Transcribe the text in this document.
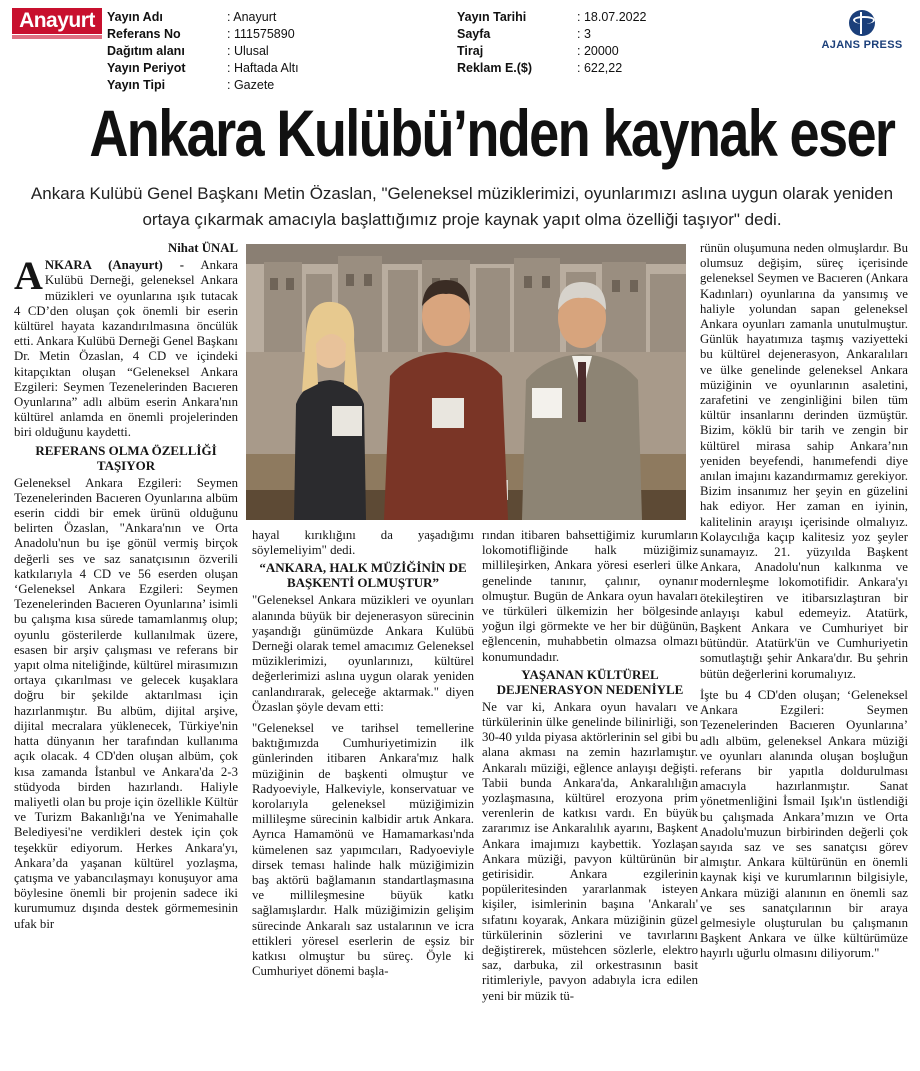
Anayurt Yayın Adı	: Anayurt
Referans No	: 111575890
Dağıtım alanı	: Ulusal
Yayın Periyot	: Haftada Altı
Yayın Tipi	: Gazete
Yayın Tarihi	: 18.07.2022
Sayfa	: 3
Tiraj	: 20000
Reklam E.($)	: 622,22
AJANS PRESS
Ankara Kulübü’nden kaynak eser
Ankara Kulübü Genel Başkanı Metin Özaslan, "Geleneksel müziklerimizi, oyunlarımızı aslına uygun olarak yeniden ortaya çıkarmak amacıyla başlattığımız proje kaynak yapıt olma özelliği taşıyor" dedi.
Nihat ÜNAL

ANKARA (Anayurt) - Ankara Kulübü Derneği, geleneksel Ankara müzikleri ve oyunlarına ışık tutacak 4 CD’den oluşan çok önemli bir eserin kültürel hayata kazandırılmasına öncülük etti. Ankara Kulübü Derneği Genel Başkanı Dr. Metin Özaslan, 4 CD ve içindeki kitapçıktan oluşan “Geleneksel Ankara Ezgileri: Seymen Tezenelerinden Bacıeren Oyunlarına” adlı albüm eserin Ankara'nın kültürel anlamda en önemli projelerinden biri olduğunu kaydetti.

REFERANS OLMA ÖZELLİĞİ TAŞIYOR

Geleneksel Ankara Ezgileri: Seymen Tezenelerinden Bacıeren Oyunlarına albüm eserin ciddi bir emek ürünü olduğunu belirten Özaslan, "Ankara'nın ve Orta Anadolu'nun bu işe gönül vermiş birçok değerli ses ve saz sanatçısının özverili katkılarıyla 4 CD ve 56 eserden oluşan ‘Geleneksel Ankara Ezgileri: Seymen Tezenelerinden Bacıeren Oyunlarına’ isimli bu çalışma kısa sürede tamamlanmış olup; oyunlu gösterilerde kullanılmak üzere, esasen bir arşiv çalışması ve referans bir yapıt olma niteliğinde, kültürel mirasımızın ortaya çıkarılması ve gelecek kuşaklara doğru bir şekilde aktarılması için hazırlanmıştır. Bu albüm, dijital arşive, dijital mecralara yüklenecek, Türkiye'nin hatta dünyanın her tarafından kullanıma açık olacak. 4 CD'den oluşan albüm, çok kısa zamanda İstanbul ve Ankara'da 2-3 stüdyoda birden hazırlandı. Haliyle maliyetli olan bu proje için özellikle Kültür ve Turizm Bakanlığı'na ve Yenimahalle Belediyesi'ne verdikleri destek için çok teşekkür ediyorum. Herkes Ankara'yı, Ankara’da yaşanan kültürel yozlaşma, çatışma ve yabancılaşmayı konuşuyor ama böylesine önemli bir projenin sadece iki kurumumuz dışında destek görmemesinin ufak bir

hayal kırıklığını da yaşadığımı söylemeliyim" dedi.

“ANKARA, HALK MÜZİĞİNİN DE BAŞKENTİ OLMUŞTUR”

"Geleneksel Ankara müzikleri ve oyunları alanında büyük bir dejenerasyon sürecinin yaşandığı günümüzde Ankara Kulübü Derneği olarak temel amacımız Geleneksel müziklerimizi, oyunlarınızı, kültürel değerlerimizi aslına uygun olarak yeniden canlandırarak, geleceğe aktarmak." diyen Özaslan şöyle devam etti:

"Geleneksel ve tarihsel temellerine baktığımızda Cumhuriyetimizin ilk günlerinden itibaren Ankara'mız halk müziğinin de başkenti olmuştur ve Radyoeviyle, Halkeviyle, konservatuar ve korolarıyla geleneksel müziğimizin millileşme sürecinin kalbidir artık Ankara. Ayrıca Hamamönü ve Hamamarkası'nda kümelenen saz yapımcıları, Radyoeviyle dirsek teması halinde halk müziğimizin baş aktörü bağlamanın standartlaşmasına ve millileşmesine büyük katkı sağlamışlardır. Halk müziğimizin gelişim sürecinde Ankaralı saz ustalarının ve icra ettikleri yöresel eserlerin de eşsiz bir katkısı olmuştur bu süreç. Öyle ki Cumhuriyet dönemi başla-

rından itibaren bahsettiğimiz kurumların lokomotifliğinde halk müziğimiz millileşirken, Ankara yöresi eserleri ülke genelinde tanınır, çalınır, oynanır olmuştur. Bugün de Ankara oyun havaları ve türküleri ülkemizin her bölgesinde yoğun ilgi görmekte ve her bir düğünün, eğlencenin, muhabbetin olmazsa olmazı konumundadır.

YAŞANAN KÜLTÜREL DEJENERASYON NEDENİYLE

Ne var ki, Ankara oyun havaları ve türkülerinin ülke genelinde bilinirliği, son 30-40 yılda piyasa aktörlerinin sel gibi bu alana akması na zemin hazırlamıştır. Ankaralı müziği, eğlence anlayışı değişti. Tabii bunda Ankara'da, Ankaralılığın yozlaşmasına, kültürel erozyona prim verenlerin de katkısı vardı. En büyük zararımız ise Ankaralılık ayarını, Başkent Ankara imajımızı kaybettik. Yozlaşan Ankara müziği, pavyon kültürünün bir getirisidir. Ankara ezgilerinin popüleritesinden yararlanmak isteyen kişiler, isimlerinin başına 'Ankaralı' sıfatını koyarak, Ankara müziğinin güzel türkülerinin sözlerini ve tavırlarını değiştirerek, müstehcen sözlerle, elektro saz, darbuka, zil orkestrasının basit ritimleriyle, pavyon adabıyla icra edilen yeni bir müzik tü-

rünün oluşumuna neden olmuşlardır. Bu olumsuz değişim, süreç içerisinde geleneksel Seymen ve Bacıeren (Ankara Kadınları) oyunlarına da yansımış ve haliyle yolundan sapan geleneksel Ankara oyunları zamanla unutulmuştur. Günlük hayatımıza taşmış vaziyetteki bu kültürel dejenerasyon, Ankaralıları ve ülke genelinde geleneksel Ankara müziğinin ve oyunlarının asaletini, zarafetini ve zenginliğini bilen tüm kültür insanlarını derinden üzmüştür. Bizim, köklü bir tarih ve zengin bir kültürel mirasa sahip Ankara’nın yeniden beyefendi, hanımefendi diye anılan imajını kazandırmamız gerekiyor. Bizim insanımız her şeyin en güzelini hak ediyor. Her zaman en iyinin, kalitelinin arayışı içerisinde olmalıyız. Kolaycılığa kaçıp kalitesiz yoz şeyler sunamayız. 21. yüzyılda Başkent Ankara, Anadolu'nun kalkınma ve modernleşme lokomotifidir. Ankara'yı ötekileştiren ve itibarsızlaştıran bir anlayışı kabul edemeyiz. Atatürk, Başkent Ankara ve Cumhuriyet bir bütündür. Atatürk'ün ve Cumhuriyetin somutlaştığı şehir Ankara'dır. Bu şehrin bütün değerlerini korumalıyız.

İşte bu 4 CD'den oluşan; ‘Geleneksel Ankara Ezgileri: Seymen Tezenelerinden Bacıeren Oyunlarına’ adlı albüm, geleneksel Ankara müziği ve oyunları alanında oluşan boşluğun referans bir yapıtla doldurulması amacıyla hazırlanmıştır. Sanat yönetmenliğini İsmail Işık'ın üstlendiği bu çalışmada Ankara’mızın ve Orta Anadolu'muzun birbirinden değerli çok sayıda saz ve ses sanatçısı görev almıştır. Ankara kültürünün en önemli kaynak kişi ve kurumlarının bilgisiyle, Ankara müziği alanının en önemli saz ve ses sanatçılarının bir araya gelmesiyle oluşturulan bu çalışmanın Başkent Ankara ve ülke kültürümüze hayırlı uğurlu olmasını diliyorum."
